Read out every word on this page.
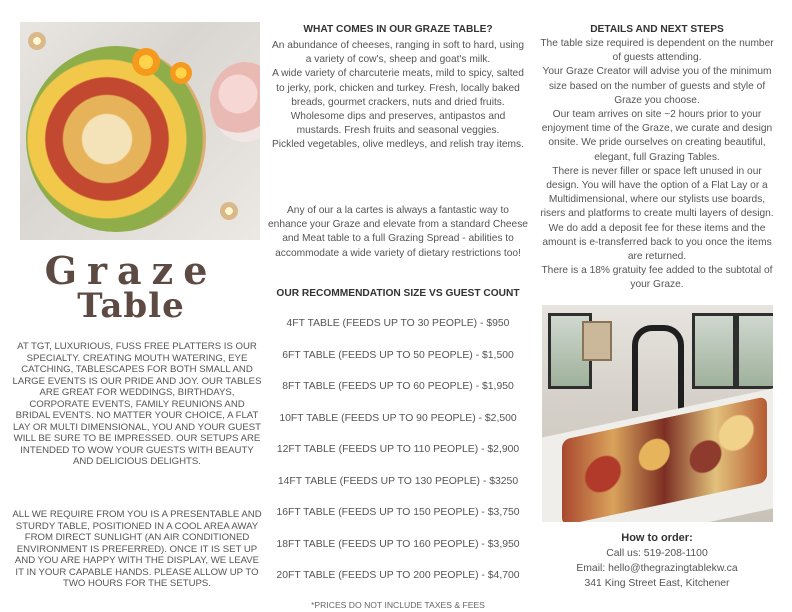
Graze
Table
AT TGT, LUXURIOUS, FUSS FREE PLATTERS IS OUR SPECIALTY. CREATING MOUTH WATERING, EYE CATCHING, TABLESCAPES FOR BOTH SMALL AND LARGE EVENTS IS OUR PRIDE AND JOY. OUR TABLES ARE GREAT FOR WEDDINGS, BIRTHDAYS, CORPORATE EVENTS, FAMILY REUNIONS AND BRIDAL EVENTS. NO MATTER YOUR CHOICE, A FLAT LAY OR MULTI DIMENSIONAL, YOU AND YOUR GUEST WILL BE SURE TO BE IMPRESSED. OUR SETUPS ARE INTENDED TO WOW YOUR GUESTS WITH BEAUTY AND DELICIOUS DELIGHTS.
ALL WE REQUIRE FROM YOU IS A PRESENTABLE AND STURDY TABLE, POSITIONED IN A COOL AREA AWAY FROM DIRECT SUNLIGHT (AN AIR CONDITIONED ENVIRONMENT IS PREFERRED). ONCE IT IS SET UP AND YOU ARE HAPPY WITH THE DISPLAY, WE LEAVE IT IN YOUR CAPABLE HANDS. PLEASE ALLOW UP TO TWO HOURS FOR THE SETUPS.
WHAT COMES IN OUR GRAZE TABLE?
An abundance of cheeses, ranging in soft to hard, using a variety of cow's, sheep and goat's milk.
A wide variety of charcuterie meats, mild to spicy, salted to jerky, pork, chicken and turkey. Fresh, locally baked breads, gourmet crackers, nuts and dried fruits.
Wholesome dips and preserves, antipastos and mustards. Fresh fruits and seasonal veggies.
Pickled vegetables, olive medleys, and relish tray items.
Any of our a la cartes is always a fantastic way to enhance your Graze and elevate from a standard Cheese and Meat table to a full Grazing Spread - abilities to accommodate a wide variety of dietary restrictions too!
OUR RECOMMENDATION SIZE VS GUEST COUNT
4FT TABLE (FEEDS UP TO 30 PEOPLE) - $950
6FT TABLE (FEEDS UP TO 50 PEOPLE) - $1,500
8FT TABLE (FEEDS UP TO 60 PEOPLE) - $1,950
10FT TABLE (FEEDS UP TO 90 PEOPLE) - $2,500
12FT TABLE (FEEDS UP TO 110 PEOPLE) - $2,900
14FT TABLE (FEEDS UP TO 130 PEOPLE) - $3250
16FT TABLE (FEEDS UP TO 150 PEOPLE) - $3,750
18FT TABLE (FEEDS UP TO 160 PEOPLE) - $3,950
20FT TABLE (FEEDS UP TO 200 PEOPLE) - $4,700
*PRICES DO NOT INCLUDE TAXES & FEES
DETAILS AND NEXT STEPS
The table size required is dependent on the number of guests attending.
Your Graze Creator will advise you of the minimum size based on the number of guests and style of Graze you choose.
Our team arrives on site ~2 hours prior to your enjoyment time of the Graze, we curate and design onsite. We pride ourselves on creating beautiful, elegant, full Grazing Tables.
There is never filler or space left unused in our design. You will have the option of a Flat Lay or a Multidimensional, where our stylists use boards, risers and platforms to create multi layers of design. We do add a deposit fee for these items and the amount is e-transferred back to you once the items are returned.
There is a 18% gratuity fee added to the subtotal of your Graze.
How to order:
Call us: 519-208-1100
Email: hello@thegrazingtablekw.ca
341 King Street East, Kitchener
